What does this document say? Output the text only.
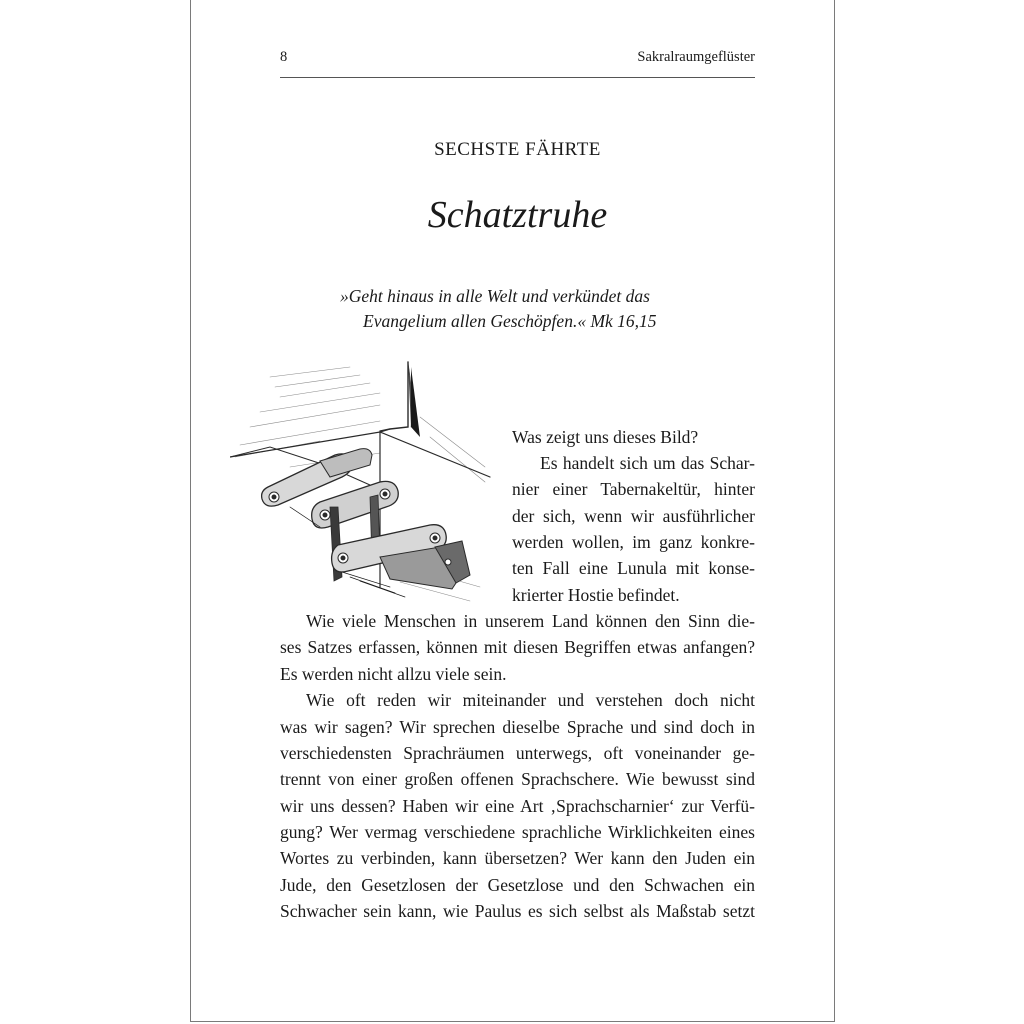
8	Sakralraumgeflüster
SECHSTE FÄHRTE
Schatztruhe
»Geht hinaus in alle Welt und verkündet das
Evangelium allen Geschöpfen.« Mk 16,15
Was zeigt uns dieses Bild?
Es handelt sich um das Schar-
nier einer Tabernakeltür, hinter
der sich, wenn wir ausführlicher
werden wollen, im ganz konkre-
ten Fall eine Lunula mit konse-
krierter Hostie befindet.
Wie viele Menschen in unserem Land können den Sinn die-
ses Satzes erfassen, können mit diesen Begriffen etwas anfangen?
Es werden nicht allzu viele sein.
Wie oft reden wir miteinander und verstehen doch nicht
was wir sagen? Wir sprechen dieselbe Sprache und sind doch in
verschiedensten Sprachräumen unterwegs, oft voneinander ge-
trennt von einer großen offenen Sprachschere. Wie bewusst sind
wir uns dessen? Haben wir eine Art ‚Sprachscharnier‘ zur Verfü-
gung? Wer vermag verschiedene sprachliche Wirklichkeiten eines
Wortes zu verbinden, kann übersetzen? Wer kann den Juden ein
Jude, den Gesetzlosen der Gesetzlose und den Schwachen ein
Schwacher sein kann, wie Paulus es sich selbst als Maßstab setzt
